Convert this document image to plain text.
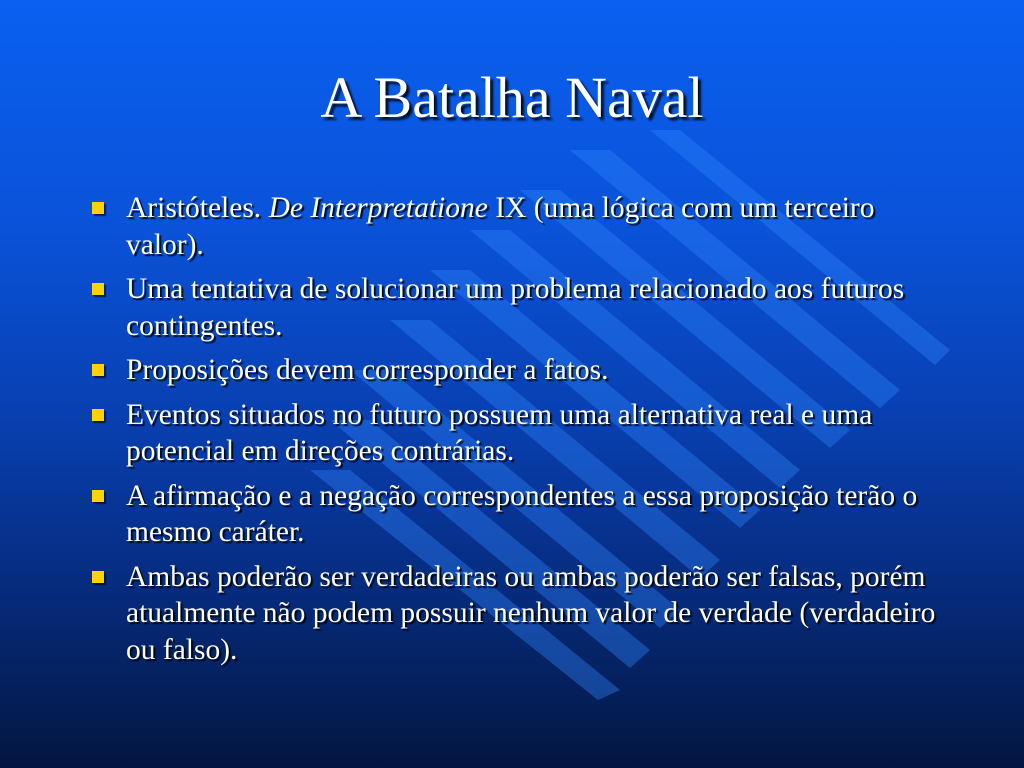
A Batalha Naval
Aristóteles. De Interpretatione IX (uma lógica com um terceiro valor).
Uma tentativa de solucionar um problema relacionado aos futuros contingentes.
Proposições devem corresponder a fatos.
Eventos situados no futuro possuem uma alternativa real e uma potencial em direções contrárias.
A afirmação e a negação correspondentes a essa proposição terão o mesmo caráter.
Ambas poderão ser verdadeiras ou ambas poderão ser falsas, porém atualmente não podem possuir nenhum valor de verdade (verdadeiro ou falso).
